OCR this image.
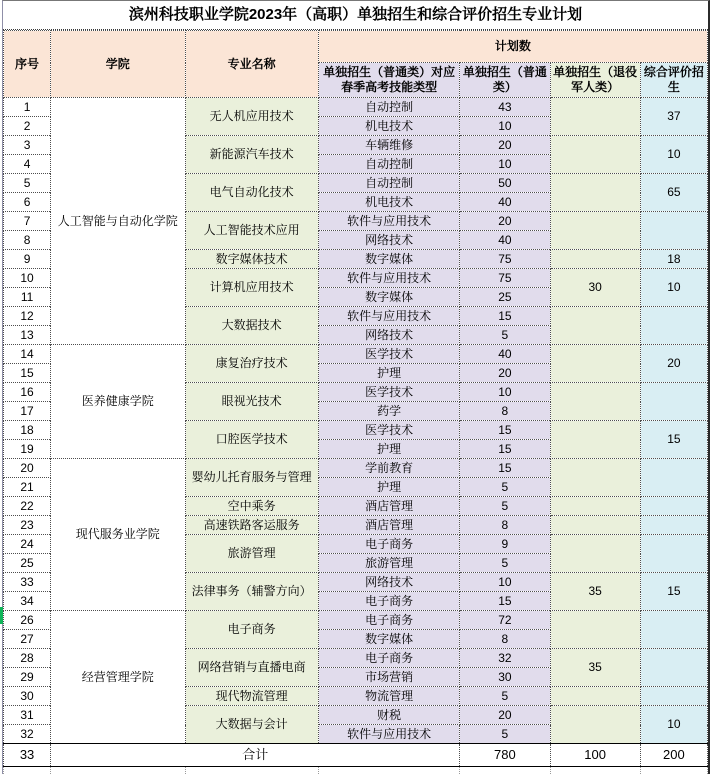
滨州科技职业学院2023年（高职）单独招生和综合评价招生专业计划
序号	学院	专业名称	计划数			
			单独招生（普通类）对应春季高考技能类型	单独招生（普通类）	单独招生（退役军人类）	综合评价招生
1	人工智能与自动化学院	无人机应用技术	自动控制	43		37
2			机电技术	10		
3		新能源汽车技术	车辆维修	20		10
4			自动控制	10		
5		电气自动化技术	自动控制	50		65
6			机电技术	40		
7		人工智能技术应用	软件与应用技术	20		
8			网络技术	40		
9		数字媒体技术	数字媒体	75		18
10		计算机应用技术	软件与应用技术	75	30	10
11			数字媒体	25		
12		大数据技术	软件与应用技术	15		
13			网络技术	5		
14	医养健康学院	康复治疗技术	医学技术	40		20
15			护理	20		
16		眼视光技术	医学技术	10		
17			药学	8		
18		口腔医学技术	医学技术	15		15
19			护理	15		
20	现代服务业学院	婴幼儿托育服务与管理	学前教育	15		
21			护理	5		
22		空中乘务	酒店管理	5		
23		高速铁路客运服务	酒店管理	8		
24		旅游管理	电子商务	9		
25			旅游管理	5		
33		法律事务（辅警方向）	网络技术	10	35	15
34			电子商务	15		
26	经营管理学院	电子商务	电子商务	72		
27			数字媒体	8		
28		网络营销与直播电商	电子商务	32	35	
29			市场营销	30		
30		现代物流管理	物流管理	5		
31		大数据与会计	财税	20		10
32			软件与应用技术	5		
33	合计			780	100	200
